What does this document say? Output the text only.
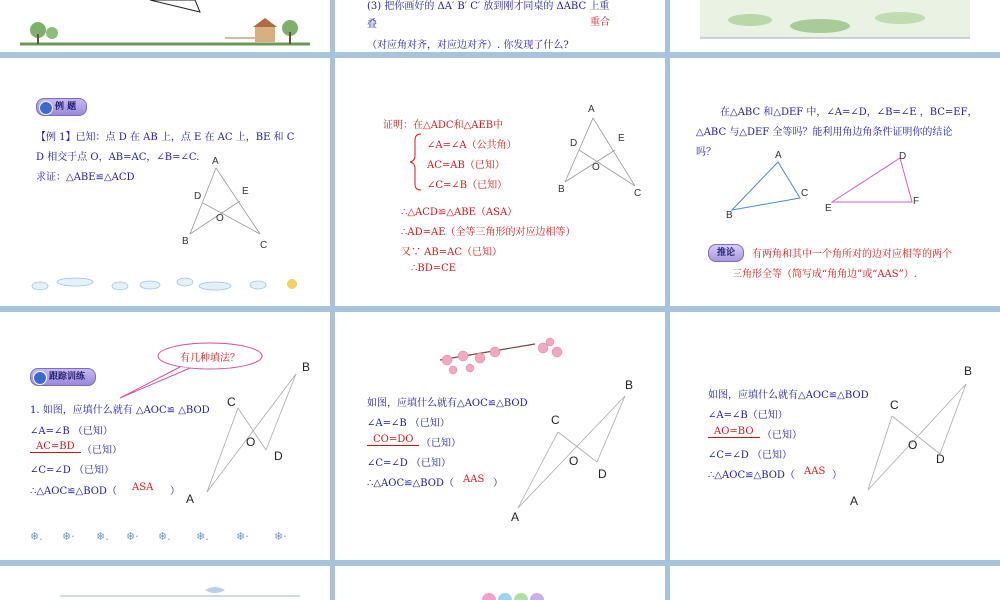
(3) 把你画好的 ΔA′ B′ C′ 放到刚才同桌的 ΔABC 上重
叠	重合
（对应角对齐，对应边对齐）. 你发现了什么?
例 题
【例 1】已知：点 D 在 AB 上，点 E 在 AC 上，BE 和 C
D 相交于点 O，AB=AC，∠B=∠C.
求证：△ABE≌△ACD
A
D	E
O
B	C
证明：在△ADC和△AEB中
∠A=∠A（公共角）
AC=AB（已知）
∠C=∠B（已知）
∴△ACD≌△ABE（ASA）
∴AD=AE（全等三角形的对应边相等）
又∵ AB=AC（已知）
∴BD=CE
A
D	E
O
B	C
在△ABC 和△DEF 中，∠A=∠D，∠B=∠E ，BC=EF，
△ABC 与△DEF 全等吗？能利用角边角条件证明你的结论
吗？	A
B
C
D
E
F
推论	有两角和其中一个角所对的边对应相等的两个
三角形全等（简写成“角角边”或“AAS”）.
跟踪训练
有几种填法？
1. 如图，应填什么就有 △AOC≌ △BOD
∠A=∠B （已知）
AC=BD （已知）
∠C=∠D （已知）
∴△AOC≌△BOD（ ASA ）
B
C
O
D
A
❄. ❄· ❄. ❄· ❄. ❄. ❄· ❄·
如图，应填什么就有△AOC≌△BOD
∠A=∠B （已知）
CO=DO （已知）
∠C=∠D （已知）
∴△AOC≌△BOD（ AAS ）
B
C
O
D
A
如图，应填什么就有△AOC≌△BOD
∠A=∠B（已知）
AO=BO （已知）
∠C=∠D （已知）
∴△AOC≌△BOD（ AAS ）
B
C
O
D
A
